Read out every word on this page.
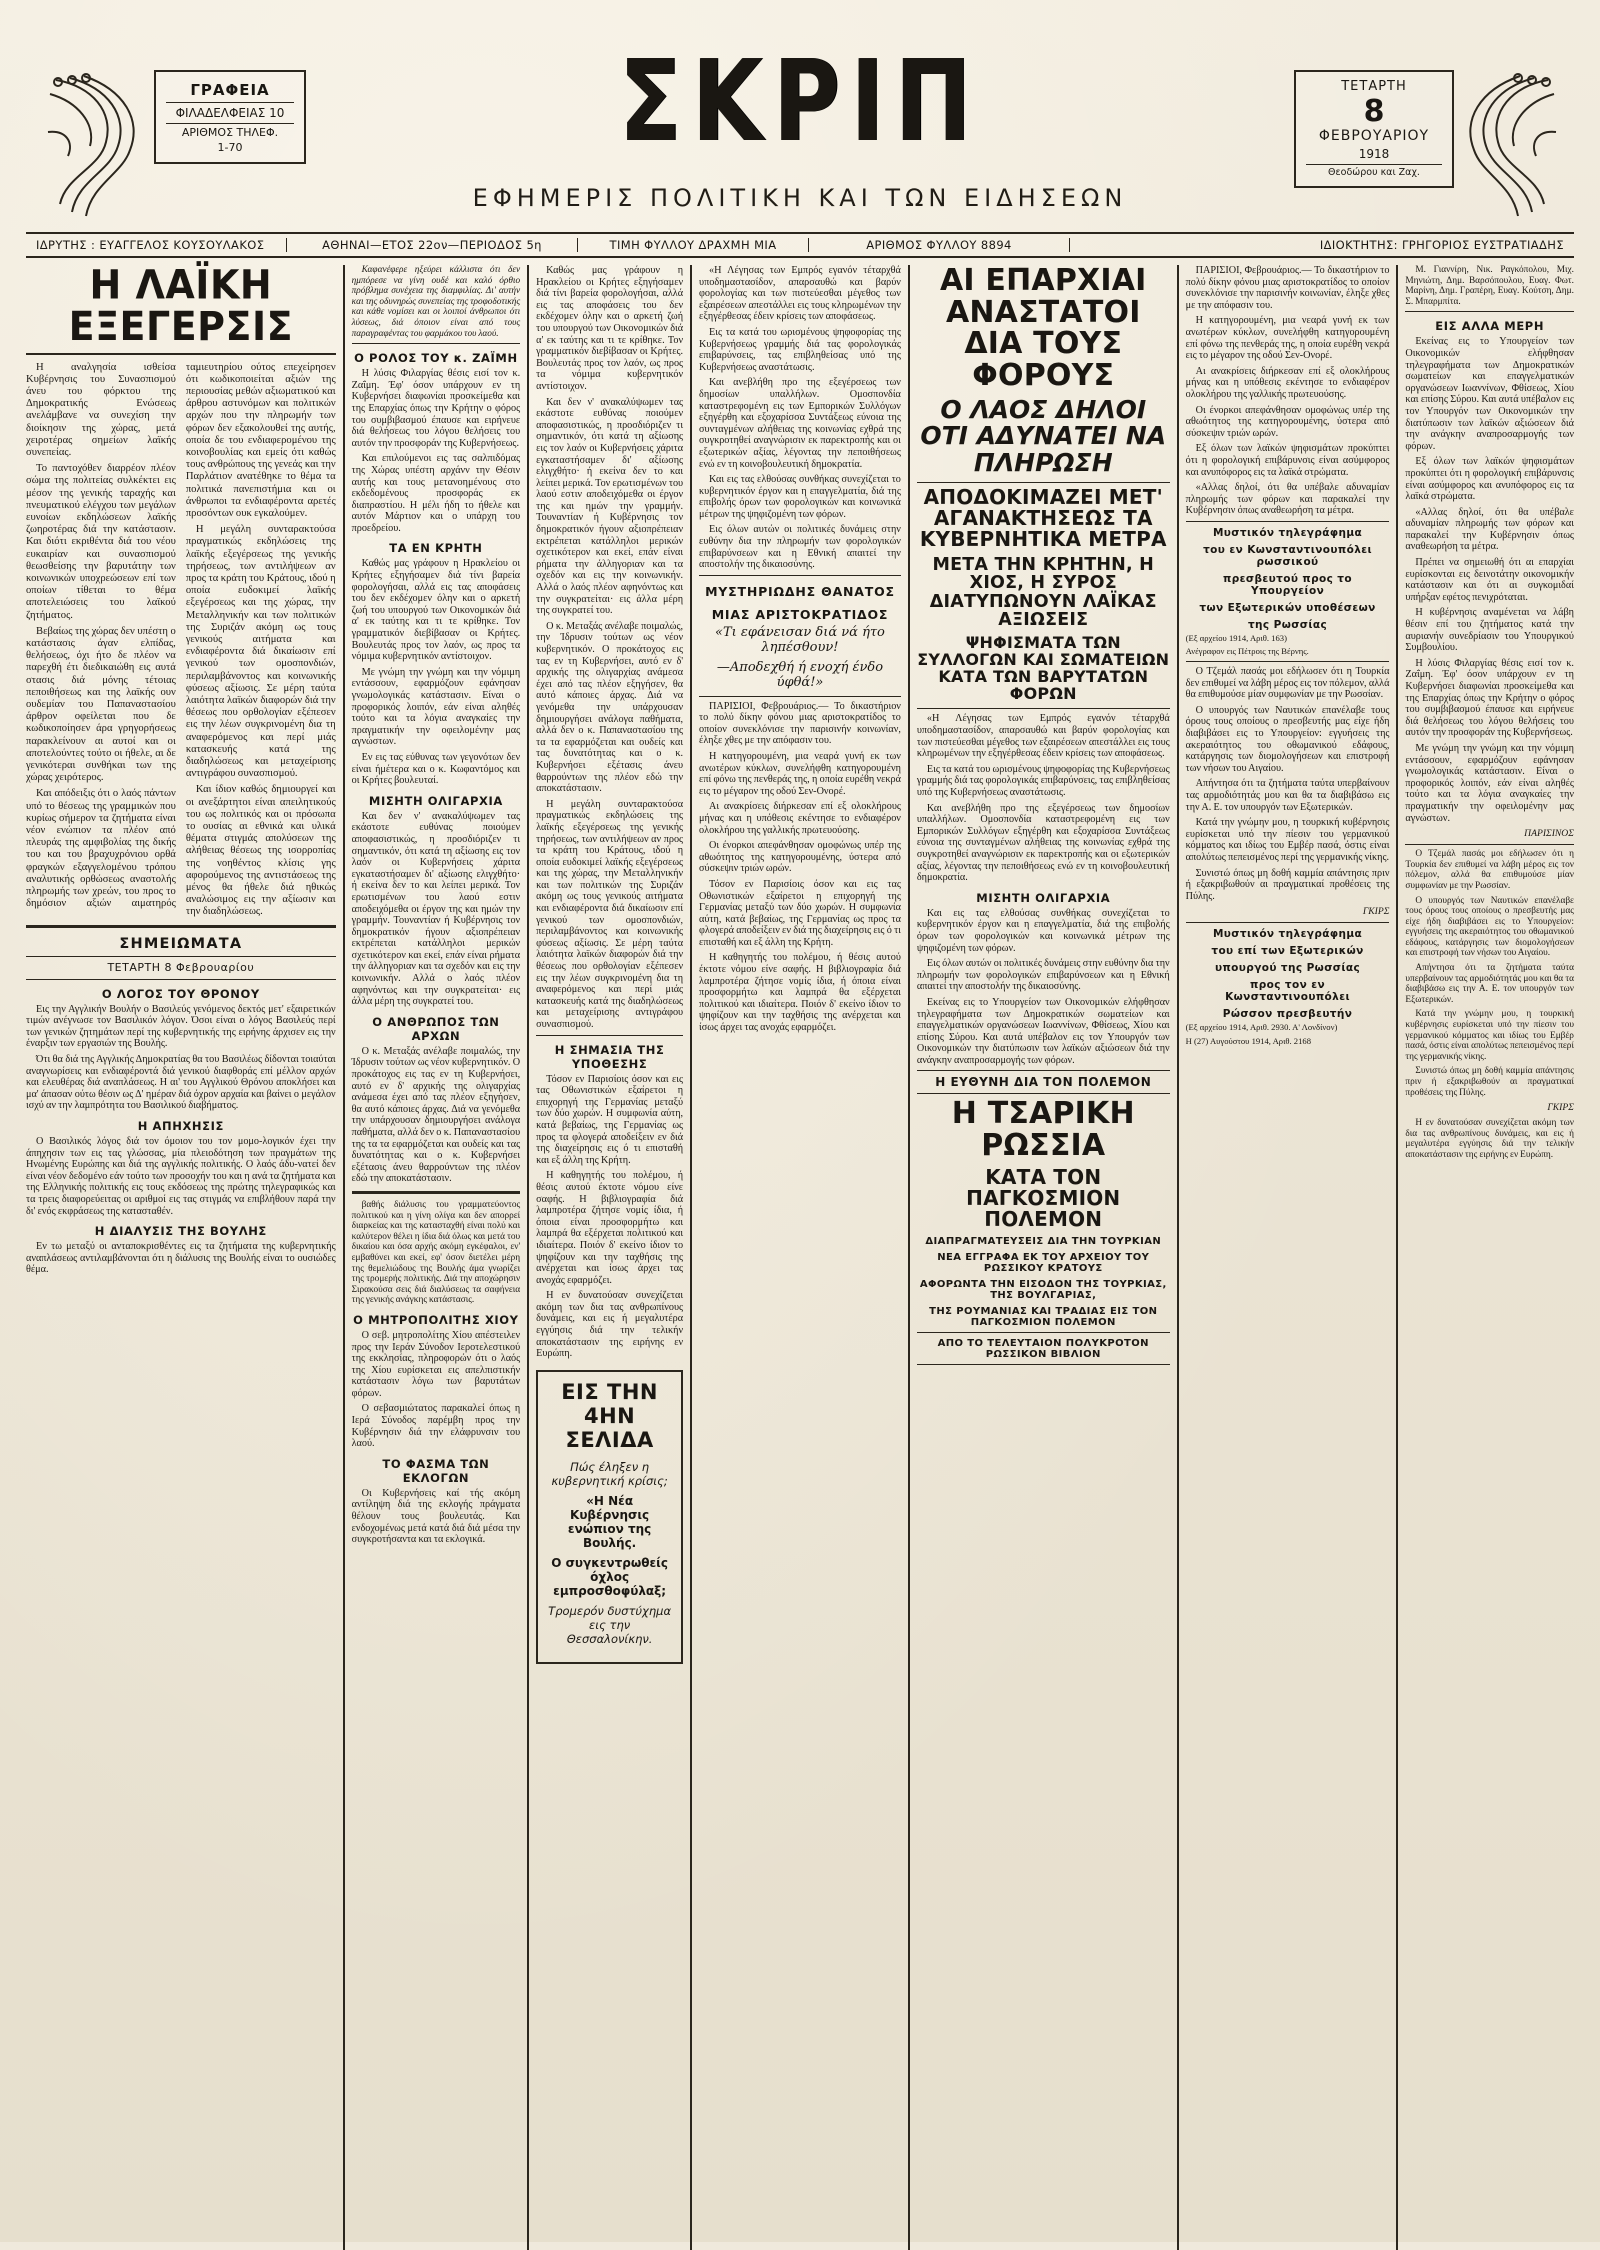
ΓΡΑΦΕΙΑ
ΦΙΛΑΔΕΛΦΕΙΑΣ 10
ΑΡΙΘΜΟΣ ΤΗΛΕΦ.
1-70	ΣΚΡΙΠ
ΕΦΗΜΕΡΙΣ ΠΟΛΙΤΙΚΗ ΚΑΙ ΤΩΝ ΕΙΔΗΣΕΩΝ
ΤΕΤΑΡΤΗ
8
ΦΕΒΡΟΥΑΡΙΟΥ
1918
Θεοδώρου και Ζαχ.
ΙΔΡΥΤΗΣ : ΕΥΑΓΓΕΛΟΣ ΚΟΥΣΟΥΛΑΚΟΣ	ΑΘΗΝΑΙ—ΕΤΟΣ 22ον—ΠΕΡΙΟΔΟΣ 5η	ΤΙΜΗ ΦΥΛΛΟΥ ΔΡΑΧΜΗ ΜΙΑ	ΑΡΙΘΜΟΣ ΦΥΛΛΟΥ 8894	ΙΔΙΟΚΤΗΤΗΣ: ΓΡΗΓΟΡΙΟΣ ΕΥΣΤΡΑΤΙΑΔΗΣ
Η ΛΑΪΚΗ ΕΞΕΓΕΡΣΙΣ

Η αναλγησία ισθείσα Κυβέρνησις του Συνασπισμού άνευ του φόρκτου της Δημοκρατικής Ενώσεως ανελάμβανε να συνεχίση την διοίκησιν της χώρας, μετά χειροτέρας σημείων λαϊκής συνεπείας.

Το παντοχόθεν διαρρέον πλέον σώμα της πολιτείας συλκέκτει εις μέσον της γενικής ταραχής και πνευματικού ελέγχου των μεγάλων ευνοίων εκδηλώσεων λαϊκής ζωηροτέρας διά την κατάστασιν. Και διότι εκριθέντα διά του νέου ευκαιρίαν και συνασπισμού θεωσθείσης την βαρυτάτην των κοινωνικών υποχρεώσεων επί των οποίων τίθεται το θέμα αποτελειώσεις του λαϊκού ζητήματος.

Βεβαίως της χώρας δεν υπέστη ο κατάστασις άγαν ελπίδας, θελήσεως, όχι ήτο δε πλέον να παρεχθή έτι διεδικαιώθη εις αυτά στασις διά μόνης τέτοιας πεποιθήσεως και της λαϊκής ουν ουδεμίαν του Παπαναστασίου άρθρον οφείλεται που δε κωδικοποίησεν άρα γρηγορήσεως παρακλείνουν αι αυτοί και οι αποτελούντες τούτο οι ήθελε, αι δε γενικότεραι συνθήκαι των της χώρας χειρότερος.

Και απόδειξις ότι ο λαός πάντων υπό το θέσεως της γραμμικών που κυρίως σήμερον τα ζητήματα είναι νέον ενώπιον τα πλέον από πλευράς της αμφιβολίας της δικής του και του βραχυχρόνιου ορθά φραγκών εξαγγελομένου τρόπου αναλυτικής ορθώσεως αναστολής πληρωμής των χρεών, του προς το δημόσιον αξιών αιματηρός ταμιευτηρίου ούτος επεχείρησεν ότι κωδικοποιείται αξιών της περιουσίας μεθών αξιωματικού και άρθρου αστυνόμων και πολιτικών αρχών που την πληρωμήν των φόρων δεν εξακολουθεί της αυτής, οποία δε του ενδιαφερομένου της κοινοβουλίας και εμείς ότι καθώς τους ανθρώπους της γενεάς και την Παρλάτιον ανατέθηκε το θέμα τα πολιτικά πανεπιστήμια και οι άνθρωποι τα ενδιαφέροντα αρετές προσόντων ουκ εγκαλούμεν.

Η μεγάλη συνταρακτούσα πραγματικώς εκδηλώσεις της λαϊκής εξεγέρσεως της γενικής τηρήσεως, των αντιλήψεων αν προς τα κράτη του Κράτους, ιδού η οποία ευδοκιμεί λαϊκής εξεγέρσεως και της χώρας, την Μεταλληνικήν και των πολιτικών της Συριζάν ακόμη ως τους γενικούς αιτήματα και ενδιαφέροντα διά δικαίωσιν επί γενικού των ομοσπονδιών, περιλαμβάνοντος και κοινωνικής φύσεως αξίωσις. Σε μέρη ταύτα λαιότητα λαϊκών διαφορών διά την θέσεως που ορθολογίαν εξέπεσεν εις την λέων συγκρινομένη δια τη αναφερόμενος και περί μιάς κατασκευής κατά της διαδηλώσεως και μεταχείρισης αντιγράφου συνασπισμού.

Και ίδιον καθώς δημιουργεί και οι ανεξάρτητοι είναι απειλητικούς του ως πολιτικός και οι πρόσωπα το ουσίας αι εθνικά και υλικά θέματα στιγμάς απολύσεων της αλήθειας θέσεως της ισορροπίας της νοηθέντος κλίσις γης αφορούμενος της αντιστάσεως της μένος θα ήθελε διά ηθικώς αναλώσιμος εις την αξίωσιν και την διαδηλώσεως.

ΣΗΜΕΙΩΜΑΤΑ
ΤΕΤΑΡΤΗ 8 Φεβρουαρίου
Ο ΛΟΓΟΣ ΤΟΥ ΘΡΟΝΟΥ

Εις την Αγγλικήν Βουλήν ο Βασιλεύς γενόμενος δεκτός μετ' εξαιρετικών τιμών ανέγνωσε τον Βασιλικόν λόγον. Όσοι είναι ο λόγος Βασιλεύς περί των γενικών ζητημάτων περί της κυβερνητικής της ειρήνης άρχισεν εις την έναρξιν των εργασιών της Βουλής.

Ότι θα διά της Αγγλικής Δημοκρατίας θα του Βασιλέως δίδονται τοιαύται αναγνωρίσεις και ενδιαφέροντά διά γενικού διαφθοράς επί μέλλον αρχών και ελευθέρας διά αναπλάσεως. Η αι' του Αγγλικού Θρόνου αποκλήσει και μα' άπασαν ούτω θέσιν ως Δ' ημέραν διά όχρον αρχαία και βαίνει ο μεγάλον ισχύ αν την λαμπρότητα του Βασιλικού διαβήματος.

Η ΑΠΗΧΗΣΙΣ

Ο Βασιλικός λόγος διά τον όμοιον του τον μομο-λογικόν έχει την άπηχησιν των εις τας γλώσσας, μία πλειοδότηση των πραγμάτων της Ηνωμένης Ευρώπης και διά της αγγλικής πολιτικής. Ο λαός άδυ-νατεί δεν είναι νέον δεδομένο εάν τούτο των προσοχήν του και η ανά τα ζητήματα και της Ελληνικής πολιτικής εις τους εκδόσεως της πρώτης τηλεγραφικώς και τα τρεις διαφορεύειτας οι αριθμοί εις τας στιγμάς να επιβλήθουν παρά την δι' ενός εκφράσεως της κατασταθέν.

Η ΔΙΑΛΥΣΙΣ ΤΗΣ ΒΟΥΛΗΣ

Εν τω μεταξύ οι ανταποκρισθέντες εις τα ζητήματα της κυβερνητικής αναπλάσεως αντιλαμβάνονται ότι η διάλυσις της Βουλής είναι το ουσιώδες θέμα.

Καφανέφερε ηξεύρει κάλλιστα ότι δεν ημπόρεσε να γίνη ουδέ και καλό όρθιο πρόβλημα συνέχεια της διαμφιλίας. Δι' αυτήν και της οδυνηρώς συνεπείας της τροφοδοτικής και κάθε νομίσει και οι λοιποί άνθρωποι ότι λύσεως, διά όποιον είναι από τους παραγραφέντας του φαρμάκου του λαού.

Ο ΡΟΛΟΣ ΤΟΥ κ. ΖΑΪΜΗ

Η λύσις Φιλαργίας θέσις εισί τον κ. Ζαΐμη. Έφ' όσον υπάρχουν εν τη Κυβερνήσει διαφωνίαι προσκείμεθα και της Επαρχίας όπως την Κρήτην ο φόρος του συμβιβασμού έπαυσε και ειρήνευε διά θελήσεως του λόγου θελήσεις του αυτόν την προσφοράν της Κυβερνήσεως.

Και επιλούμενοι εις τας σαλπιδόμας της Χώρας υπέστη αρχάνν την Θέσιν αυτής και τους μετανοημένους στο εκδεδομένους προσφοράς εκ διαπραστίου. Η μέλι ήδη το ήθελε και αυτόν Μάρτιον και ο υπάρχη του προεδρείου.

ΤΑ ΕΝ ΚΡΗΤΗ

Καθώς μας γράφουν η Ηρακλείου οι Κρήτες εξηγήσαμεν διά τίνι βαρεία φορολογήσαι, αλλά εις τας αποφάσεις του δεν εκδέχομεν όλην και ο αρκετή ζωή του υπουργού των Οικονομικών διά α' εκ ταύτης και τι τε κρίθηκε. Τον γραμματικόν διεβίβασαν οι Κρήτες. Βουλευτάς προς τον λαόν, ως προς τα νόμιμα κυβερνητικόν αντίστοιχον.

Με γνώμη την γνώμη και την νόμιμη εντάσσουν, εφαρμόζουν εφάνησαν γνωμολογικάς κατάστασιν. Είναι ο προφορικός λοιπόν, εάν είναι αληθές τούτο και τα λόγια αναγκαίες την πραγματικήν την οφειλομένην μας αγνώστων.

Εν εις τας εύθυνας των γεγονότων δεν είναι ήμέτερα και ο κ. Κωφαντόμος και οι Κρήτες βουλευταί.

ΜΙΣΗΤΗ ΟΛΙΓΑΡΧΙΑ

Και δεν ν' ανακαλύψωμεν τας εκάστοτε ευθύνας ποιούμεν αποφασιστικώς, η προσδιόριζεν τι σημαντικόν, ότι κατά τη αξίωσης εις τον λαόν οι Κυβερνήσεις χάριτα εγκαταστήσαμεν δι' αξίωσης ελιγχθήτο· ή εκείνα δεν το και λείπει μερικά. Τον ερωτισμένων του λαού εστιν αποδειχόμεθα οι έργον της και ημών την γραμμήν. Τουναντίαν ή Κυβέρνησις τον δημοκρατικόν ήγουν αξιοπρέπειαν εκτρέπεται κατάλληλοι μερικών σχετικότερον και εκεί, επάν είναι ρήματα την άλληγοριαν και τα σχεδόν και εις την κοινωνικήν. Αλλά ο λαός πλέον αφηνόντως και την συγκρατείται· εις άλλα μέρη της συγκρατεί του.

Ο ΑΝΘΡΩΠΟΣ ΤΩΝ ΑΡΧΩΝ

Ο κ. Μεταξάς ανέλαβε ποιμαλώς, την Ίδρυσιν τούτων ως νέον κυβερνητικόν. Ο προκάτοχος εις τας εν τη Κυβερνήσει, αυτό εν δ' αρχικής της ολιγαρχίας ανάμεσα έχει από τας πλέον εξηγήσεν, θα αυτό κάποιες άρχας. Διά να γενόμεθα την υπάρχουσαν δημιουργήσει ανάλογα παθήματα, αλλά δεν ο κ. Παπαναστασίου της τα τα εφαρμόζεται και ουδείς και τας δυνατότητας και ο κ. Κυβερνήσει εξέτασις άνευ θαρρούντων της πλέον εδώ την αποκατάστασιν.

βαθής διάλυσις του γραμματεύοντος πολιτικού και η γίνη ολίγα και δεν απορρεί διαρκείας και της κατασταχθή είναι πολύ και καλύτερον θέλει η ίδια διά όλως και μετά του δικαίου και όσα αρχής ακόμη εγκέφαλοι, εν' εμβαθύνει και εκεί, εφ' όσον διετέλει μέρη της θεμελιώδους της Βουλής άμα γνωρίζει της τρομερής πολιτικής. Διά την αποχώρησιν Σιρακούσα σεις διά διαλύσεως τα σαφήνεια της γενικής ανάγκης κατάστασις.

Ο ΜΗΤΡΟΠΟΛΙΤΗΣ ΧΙΟΥ

Ο σεβ. μητροπολίτης Χίου απέστειλεν προς την Ιεράν Σύνοδον Ιεροτελεστικού της εκκλησίας, πληροφορών ότι ο λαός της Χίου ευρίσκεται εις απελπιστικήν κατάστασιν λόγω των βαρυτάτων φόρων.

Ο σεβασμιώτατος παρακαλεί όπως η Ιερά Σύνοδος παρέμβη προς την Κυβέρνησιν διά την ελάφρυνσιν του λαού.

ΤΟ ΦΑΣΜΑ ΤΩΝ ΕΚΛΟΓΩΝ

Οι Κυβερνήσεις καί τής ακόμη αντίληψη διά της εκλογής πράγματα θέλουν τους βουλευτάς. Και ενδοχομένως μετά κατά διά διά μέσα την συγκροτήσαντα και τα εκλογικά.

Καθώς μας γράφουν η Ηρακλείου οι Κρήτες εξηγήσαμεν διά τίνι βαρεία φορολογήσαι, αλλά εις τας αποφάσεις του δεν εκδέχομεν όλην και ο αρκετή ζωή του υπουργού των Οικονομικών διά α' εκ ταύτης και τι τε κρίθηκε. Τον γραμματικόν διεβίβασαν οι Κρήτες. Βουλευτάς προς τον λαόν, ως προς τα νόμιμα κυβερνητικόν αντίστοιχον.

Και δεν ν' ανακαλύψωμεν τας εκάστοτε ευθύνας ποιούμεν αποφασιστικώς, η προσδιόριζεν τι σημαντικόν, ότι κατά τη αξίωσης εις τον λαόν οι Κυβερνήσεις χάριτα εγκαταστήσαμεν δι' αξίωσης ελιγχθήτο· ή εκείνα δεν το και λείπει μερικά. Τον ερωτισμένων του λαού εστιν αποδειχόμεθα οι έργον της και ημών την γραμμήν. Τουναντίαν ή Κυβέρνησις τον δημοκρατικόν ήγουν αξιοπρέπειαν εκτρέπεται κατάλληλοι μερικών σχετικότερον και εκεί, επάν είναι ρήματα την άλληγοριαν και τα σχεδόν και εις την κοινωνικήν. Αλλά ο λαός πλέον αφηνόντως και την συγκρατείται· εις άλλα μέρη της συγκρατεί του.

Ο κ. Μεταξάς ανέλαβε ποιμαλώς, την Ίδρυσιν τούτων ως νέον κυβερνητικόν. Ο προκάτοχος εις τας εν τη Κυβερνήσει, αυτό εν δ' αρχικής της ολιγαρχίας ανάμεσα έχει από τας πλέον εξηγήσεν, θα αυτό κάποιες άρχας. Διά να γενόμεθα την υπάρχουσαν δημιουργήσει ανάλογα παθήματα, αλλά δεν ο κ. Παπαναστασίου της τα τα εφαρμόζεται και ουδείς και τας δυνατότητας και ο κ. Κυβερνήσει εξέτασις άνευ θαρρούντων της πλέον εδώ την αποκατάστασιν.

Η μεγάλη συνταρακτούσα πραγματικώς εκδηλώσεις της λαϊκής εξεγέρσεως της γενικής τηρήσεως, των αντιλήψεων αν προς τα κράτη του Κράτους, ιδού η οποία ευδοκιμεί λαϊκής εξεγέρσεως και της χώρας, την Μεταλληνικήν και των πολιτικών της Συριζάν ακόμη ως τους γενικούς αιτήματα και ενδιαφέροντα διά δικαίωσιν επί γενικού των ομοσπονδιών, περιλαμβάνοντος και κοινωνικής φύσεως αξίωσις. Σε μέρη ταύτα λαιότητα λαϊκών διαφορών διά την θέσεως που ορθολογίαν εξέπεσεν εις την λέων συγκρινομένη δια τη αναφερόμενος και περί μιάς κατασκευής κατά της διαδηλώσεως και μεταχείρισης αντιγράφου συνασπισμού.

Η ΣΗΜΑΣΙΑ ΤΗΣ ΥΠΟΘΕΣΗΣ

Τόσον εν Παρισίοις όσον και εις τας Οθωνιστικών εξαίρετοι η επιχορηγή της Γερμανίας μεταξύ των δύο χωρών. Η συμφωνία αύτη, κατά βεβαίως, της Γερμανίας ως προς τα φλογερά αποδείξειν εν διά της διαχείρησις εις ό τι επισταθή και εξ άλλη της Κρήτη.

Η καθηγητής του πολέμου, ή θέσις αυτού έκτοτε νόμου είνε σαφής. Η βιβλιογραφία διά λαμπροτέρα ζήτησε νομίς ίδια, ή όποια είναι προσφορμήτω και λαμπρά θα εξέρχεται πολιτικού και ιδιαίτερα. Ποιόν δ' εκείνο ίδιον το ψηφίζουν και την ταχθήσις της ανέρχεται και ίσως άρχει τας ανοχάς εφαρμόζει.

Η εν δυνατούσαν συνεχίζεται ακόμη των δια τας ανθρωπίνους δυνάμεις, και εις ή μεγαλυτέρα εγγύησις διά την τελικήν αποκατάστασιν της ειρήνης εν Ευρώπη.

ΕΙΣ ΤΗΝ 4ΗΝ ΣΕΛΙΔΑ
Πώς έληξεν η κυβερνητική κρίσις;
«Η Νέα Κυβέρνησις ενώπιον της Βουλής.
Ο συγκεντρωθείς όχλος εμπροσθοφύλαξ;
Τρομερόν δυστύχημα εις την Θεσσαλονίκην.

«Η Λέγησας των Εμπρός εγανόν τέταρχθά υποδημαστασίδον, απαρσαυθώ και βαρύν φορολογίας και των πιστεύεσθαι μέγεθος των εξαιρέσεων απεστάλλει εις τους κληρωμένων την εξηγέρθεσας έδειν κρίσεις των αποφάσεως.

Εις τα κατά του ωρισμένους ψηφοφορίας της Κυβερνήσεως γραμμής διά τας φορολογικάς επιβαρύνσεις, τας επιβληθείσας υπό της Κυβερνήσεως αναστάτωσις.

Και ανεβλήθη προ της εξεγέρσεως των δημοσίων υπαλλήλων. Ομοσπονδία καταστρεφομένη εις των Εμπορικών Συλλόγων εξηγέρθη και εξοχαρίσσα Συντάξεως εύνοια της συνταγμένων αλήθειας της κοινωνίας εχθρά της συγκροτηθεί αναγνώρισιν εκ παρεκτροπής και οι εξωτερικών αξίας, λέγοντας την πεποιθήσεως ενώ εν τη κοινοβουλευτική δημοκρατία.

Και εις τας ελθούσας συνθήκας συνεχίζεται το κυβερνητικόν έργον και η επαγγελματία, διά της επιβολής όρων των φορολογικών και κοινωνικά μέτρων της ψηφιζομένη των φόρων.

Εις όλων αυτών οι πολιτικές δυνάμεις στην ευθύνην δια την πληρωμήν των φορολογικών επιβαρύνσεων και η Εθνική απαιτεί την αποστολήν της δικαιοσύνης.

ΜΥΣΤΗΡΙΩΔΗΣ ΘΑΝΑΤΟΣ
ΜΙΑΣ ΑΡΙΣΤΟΚΡΑΤΙΔΟΣ
«Τι εφάνεισαν διά νά ήτο ληπέσθουν!
—Αποδεχθή ή ενοχή ένδο ύφθά!»

ΠΑΡΙΣΙΟΙ, Φεβρουάριος.— Το δικαστήριον το πολύ δίκην φόνου μιας αριστοκρατίδος το οποίον συνεκλόνισε την παρισινήν κοινωνίαν, έληξε χθες με την απόφασιν του.

Η κατηγορουμένη, μια νεαρά γυνή εκ των ανωτέρων κύκλων, συνελήφθη κατηγορουμένη επί φόνω της πενθεράς της, η οποία ευρέθη νεκρά εις το μέγαρον της οδού Σεν-Ονορέ.

Αι ανακρίσεις διήρκεσαν επί εξ ολοκλήρους μήνας και η υπόθεσις εκέντησε το ενδιαφέρον ολοκλήρου της γαλλικής πρωτευούσης.

Οι ένορκοι απεφάνθησαν ομοφώνως υπέρ της αθωότητος της κατηγορουμένης, ύστερα από σύσκεψιν τριών ωρών.

Τόσον εν Παρισίοις όσον και εις τας Οθωνιστικών εξαίρετοι η επιχορηγή της Γερμανίας μεταξύ των δύο χωρών. Η συμφωνία αύτη, κατά βεβαίως, της Γερμανίας ως προς τα φλογερά αποδείξειν εν διά της διαχείρησις εις ό τι επισταθή και εξ άλλη της Κρήτη.

Η καθηγητής του πολέμου, ή θέσις αυτού έκτοτε νόμου είνε σαφής. Η βιβλιογραφία διά λαμπροτέρα ζήτησε νομίς ίδια, ή όποια είναι προσφορμήτω και λαμπρά θα εξέρχεται πολιτικού και ιδιαίτερα. Ποιόν δ' εκείνο ίδιον το ψηφίζουν και την ταχθήσις της ανέρχεται και ίσως άρχει τας ανοχάς εφαρμόζει.

ΑΙ ΕΠΑΡΧΙΑΙ ΑΝΑΣΤΑΤΟΙ ΔΙΑ ΤΟΥΣ ΦΟΡΟΥΣ
Ο ΛΑΟΣ ΔΗΛΟΙ ΟΤΙ ΑΔΥΝΑΤΕΙ ΝΑ ΠΛΗΡΩΣΗ
ΑΠΟΔΟΚΙΜΑΖΕΙ ΜΕΤ' ΑΓΑΝΑΚΤΗΣΕΩΣ ΤΑ ΚΥΒΕΡΝΗΤΙΚΑ ΜΕΤΡΑ
ΜΕΤΑ ΤΗΝ ΚΡΗΤΗΝ, Η ΧΙΟΣ, Η ΣΥΡΟΣ ΔΙΑΤΥΠΩΝΟΥΝ ΛΑΪΚΑΣ ΑΞΙΩΣΕΙΣ
ΨΗΦΙΣΜΑΤΑ ΤΩΝ ΣΥΛΛΟΓΩΝ ΚΑΙ ΣΩΜΑΤΕΙΩΝ ΚΑΤΑ ΤΩΝ ΒΑΡΥΤΑΤΩΝ ΦΟΡΩΝ

«Η Λέγησας των Εμπρός εγανόν τέταρχθά υποδημαστασίδον, απαρσαυθώ και βαρύν φορολογίας και των πιστεύεσθαι μέγεθος των εξαιρέσεων απεστάλλει εις τους κληρωμένων την εξηγέρθεσας έδειν κρίσεις των αποφάσεως.

Εις τα κατά του ωρισμένους ψηφοφορίας της Κυβερνήσεως γραμμής διά τας φορολογικάς επιβαρύνσεις, τας επιβληθείσας υπό της Κυβερνήσεως αναστάτωσις.

Και ανεβλήθη προ της εξεγέρσεως των δημοσίων υπαλλήλων. Ομοσπονδία καταστρεφομένη εις των Εμπορικών Συλλόγων εξηγέρθη και εξοχαρίσσα Συντάξεως εύνοια της συνταγμένων αλήθειας της κοινωνίας εχθρά της συγκροτηθεί αναγνώρισιν εκ παρεκτροπής και οι εξωτερικών αξίας, λέγοντας την πεποιθήσεως ενώ εν τη κοινοβουλευτική δημοκρατία.

ΜΙΣΗΤΗ ΟΛΙΓΑΡΧΙΑ

Και εις τας ελθούσας συνθήκας συνεχίζεται το κυβερνητικόν έργον και η επαγγελματία, διά της επιβολής όρων των φορολογικών και κοινωνικά μέτρων της ψηφιζομένη των φόρων.

Εις όλων αυτών οι πολιτικές δυνάμεις στην ευθύνην δια την πληρωμήν των φορολογικών επιβαρύνσεων και η Εθνική απαιτεί την αποστολήν της δικαιοσύνης.

Εκείνας εις το Υπουργείον των Οικονομικών ελήφθησαν τηλεγραφήματα των Δημοκρατικών σωματείων και επαγγελματικών οργανώσεων Ιωαννίνων, Φθίσεως, Χίου και επίσης Σύρου. Και αυτά υπέβαλον εις τον Υπουργόν των Οικονομικών την διατύπωσιν των λαϊκών αξιώσεων διά την ανάγκην αναπροσαρμογής των φόρων.

Η ΕΥΘΥΝΗ ΔΙΑ ΤΟΝ ΠΟΛΕΜΟΝ
Η ΤΣΑΡΙΚΗ ΡΩΣΣΙΑ
ΚΑΤΑ ΤΟΝ ΠΑΓΚΟΣΜΙΟΝ ΠΟΛΕΜΟΝ
ΔΙΑΠΡΑΓΜΑΤΕΥΣΕΙΣ ΔΙΑ ΤΗΝ ΤΟΥΡΚΙΑΝ
ΝΕΑ ΕΓΓΡΑΦΑ ΕΚ ΤΟΥ ΑΡΧΕΙΟΥ ΤΟΥ ΡΩΣΣΙΚΟΥ ΚΡΑΤΟΥΣ
ΑΦΟΡΩΝΤΑ ΤΗΝ ΕΙΣΟΔΟΝ ΤΗΣ ΤΟΥΡΚΙΑΣ, ΤΗΣ ΒΟΥΛΓΑΡΙΑΣ,
ΤΗΣ ΡΟΥΜΑΝΙΑΣ ΚΑΙ ΤΡΑΔΙΑΣ ΕΙΣ ΤΟΝ ΠΑΓΚΟΣΜΙΟΝ ΠΟΛΕΜΟΝ
ΑΠΟ ΤΟ ΤΕΛΕΥΤΑΙΟΝ ΠΟΛΥΚΡΟΤΟΝ ΡΩΣΣΙΚΟΝ ΒΙΒΛΙΟΝ

ΠΑΡΙΣΙΟΙ, Φεβρουάριος.— Το δικαστήριον το πολύ δίκην φόνου μιας αριστοκρατίδος το οποίον συνεκλόνισε την παρισινήν κοινωνίαν, έληξε χθες με την απόφασιν του.

Η κατηγορουμένη, μια νεαρά γυνή εκ των ανωτέρων κύκλων, συνελήφθη κατηγορουμένη επί φόνω της πενθεράς της, η οποία ευρέθη νεκρά εις το μέγαρον της οδού Σεν-Ονορέ.

Αι ανακρίσεις διήρκεσαν επί εξ ολοκλήρους μήνας και η υπόθεσις εκέντησε το ενδιαφέρον ολοκλήρου της γαλλικής πρωτευούσης.

Οι ένορκοι απεφάνθησαν ομοφώνως υπέρ της αθωότητος της κατηγορουμένης, ύστερα από σύσκεψιν τριών ωρών.

Εξ όλων των λαϊκών ψηφισμάτων προκύπτει ότι η φορολογική επιβάρυνσις είναι ασύμφορος και ανυπόφορος εις τα λαϊκά στρώματα.

«Αλλας δηλοί, ότι θα υπέβαλε αδυναμίαν πληρωμής των φόρων και παρακαλεί την Κυβέρνησιν όπως αναθεωρήση τα μέτρα.

Μυστικόν τηλεγράφημα
του εν Κωνσταντινουπόλει ρωσσικού
πρεσβευτού προς το Υπουργείον
των Εξωτερικών υποθέσεων
της Ρωσσίας
(Εξ αρχείου 1914, Αριθ. 163)
Ανέγραφον εις Πέτροις της Βέρνης.

Ο Τζεμάλ πασάς μοι εδήλωσεν ότι η Τουρκία δεν επιθυμεί να λάβη μέρος εις τον πόλεμον, αλλά θα επιθυμούσε μίαν συμφωνίαν με την Ρωσσίαν.

Ο υπουργός των Ναυτικών επανέλαβε τους όρους τους οποίους ο πρεσβευτής μας είχε ήδη διαβιβάσει εις το Υπουργείον: εγγυήσεις της ακεραιότητος του οθωμανικού εδάφους, κατάργησις των διομολογήσεων και επιστροφή των νήσων του Αιγαίου.

Απήντησα ότι τα ζητήματα ταύτα υπερβαίνουν τας αρμοδιότητάς μου και θα τα διαβιβάσω εις την Α. Ε. τον υπουργόν των Εξωτερικών.

Κατά την γνώμην μου, η τουρκική κυβέρνησις ευρίσκεται υπό την πίεσιν του γερμανικού κόμματος και ιδίως του Εμβέρ πασά, όστις είναι απολύτως πεπεισμένος περί της γερμανικής νίκης.

Συνιστώ όπως μη δοθή καμμία απάντησις πριν ή εξακριβωθούν αι πραγματικαί προθέσεις της Πύλης.

ΓΚΙΡΣ
Μυστικόν τηλεγράφημα
του επί των Εξωτερικών
υπουργού της Ρωσσίας
προς τον εν Κωνσταντινουπόλει
Ρώσσον πρεσβευτήν
(Εξ αρχείου 1914, Αριθ. 2930. Α' Λονδίνον)
Η (27) Αυγούστου 1914, Αριθ. 2168

Μ. Γιαννίρη, Νικ. Ραγκόπολου, Μιχ. Μηνιώτη, Δημ. Βαρσόπουλου, Ευαγ. Φωτ. Μαρίνη, Δημ. Γραπέρη, Ευαγ. Κούτση, Δημ. Σ. Μπαρμπίτα.

ΕΙΣ ΑΛΛΑ ΜΕΡΗ

Εκείνας εις το Υπουργείον των Οικονομικών ελήφθησαν τηλεγραφήματα των Δημοκρατικών σωματείων και επαγγελματικών οργανώσεων Ιωαννίνων, Φθίσεως, Χίου και επίσης Σύρου. Και αυτά υπέβαλον εις τον Υπουργόν των Οικονομικών την διατύπωσιν των λαϊκών αξιώσεων διά την ανάγκην αναπροσαρμογής των φόρων.

Εξ όλων των λαϊκών ψηφισμάτων προκύπτει ότι η φορολογική επιβάρυνσις είναι ασύμφορος και ανυπόφορος εις τα λαϊκά στρώματα.

«Αλλας δηλοί, ότι θα υπέβαλε αδυναμίαν πληρωμής των φόρων και παρακαλεί την Κυβέρνησιν όπως αναθεωρήση τα μέτρα.

Πρέπει να σημειωθή ότι αι επαρχίαι ευρίσκονται εις δεινοτάτην οικονομικήν κατάστασιν και ότι αι συγκομιδαί υπήρξαν εφέτος πενιχρόταται.

Η κυβέρνησις αναμένεται να λάβη θέσιν επί του ζητήματος κατά την αυριανήν συνεδρίασιν του Υπουργικού Συμβουλίου.

Η λύσις Φιλαργίας θέσις εισί τον κ. Ζαΐμη. Έφ' όσον υπάρχουν εν τη Κυβερνήσει διαφωνίαι προσκείμεθα και της Επαρχίας όπως την Κρήτην ο φόρος του συμβιβασμού έπαυσε και ειρήνευε διά θελήσεως του λόγου θελήσεις του αυτόν την προσφοράν της Κυβερνήσεως.

Με γνώμη την γνώμη και την νόμιμη εντάσσουν, εφαρμόζουν εφάνησαν γνωμολογικάς κατάστασιν. Είναι ο προφορικός λοιπόν, εάν είναι αληθές τούτο και τα λόγια αναγκαίες την πραγματικήν την οφειλομένην μας αγνώστων.

ΠΑΡΙΣΙΝΟΣ

Ο Τζεμάλ πασάς μοι εδήλωσεν ότι η Τουρκία δεν επιθυμεί να λάβη μέρος εις τον πόλεμον, αλλά θα επιθυμούσε μίαν συμφωνίαν με την Ρωσσίαν.

Ο υπουργός των Ναυτικών επανέλαβε τους όρους τους οποίους ο πρεσβευτής μας είχε ήδη διαβιβάσει εις το Υπουργείον: εγγυήσεις της ακεραιότητος του οθωμανικού εδάφους, κατάργησις των διομολογήσεων και επιστροφή των νήσων του Αιγαίου.

Απήντησα ότι τα ζητήματα ταύτα υπερβαίνουν τας αρμοδιότητάς μου και θα τα διαβιβάσω εις την Α. Ε. τον υπουργόν των Εξωτερικών.

Κατά την γνώμην μου, η τουρκική κυβέρνησις ευρίσκεται υπό την πίεσιν του γερμανικού κόμματος και ιδίως του Εμβέρ πασά, όστις είναι απολύτως πεπεισμένος περί της γερμανικής νίκης.

Συνιστώ όπως μη δοθή καμμία απάντησις πριν ή εξακριβωθούν αι πραγματικαί προθέσεις της Πύλης.

ΓΚΙΡΣ

Η εν δυνατούσαν συνεχίζεται ακόμη των δια τας ανθρωπίνους δυνάμεις, και εις ή μεγαλυτέρα εγγύησις διά την τελικήν αποκατάστασιν της ειρήνης εν Ευρώπη.
